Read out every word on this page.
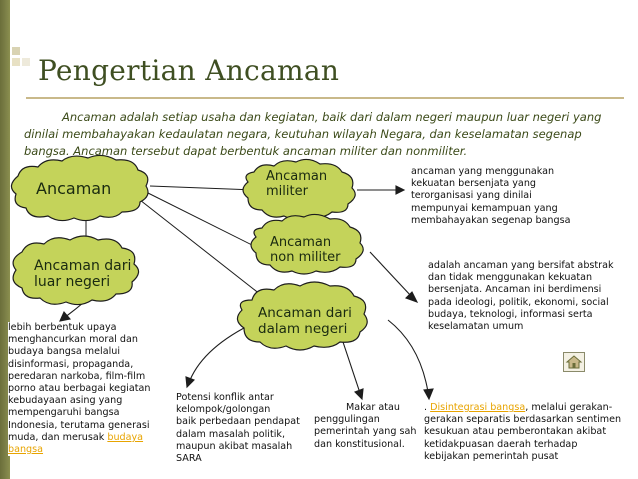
Pengertian Ancaman
Ancaman adalah setiap usaha dan kegiatan, baik dari dalam negeri maupun luar negeri yang dinilai membahayakan kedaulatan negara, keutuhan wilayah Negara, dan keselamatan segenap bangsa. Ancaman tersebut dapat berbentuk ancaman militer dan nonmiliter.
Ancaman
Ancaman dari
luar negeri
Ancaman
militer
Ancaman
non militer
Ancaman dari
dalam negeri
ancaman yang menggunakan
kekuatan bersenjata yang
terorganisasi yang dinilai
mempunyai kemampuan yang
membahayakan segenap bangsa
adalah ancaman yang bersifat abstrak
dan tidak menggunakan kekuatan
bersenjata. Ancaman ini berdimensi
pada ideologi, politik, ekonomi, social
budaya, teknologi, informasi serta
keselamatan umum
lebih berbentuk upaya
menghancurkan moral dan
budaya bangsa melalui
disinformasi, propaganda,
peredaran narkoba, film-film
porno atau berbagai kegiatan
kebudayaan asing yang
mempengaruhi bangsa
Indonesia, terutama generasi
muda, dan merusak budaya
bangsa
Potensi konflik antar
kelompok/golongan
baik perbedaan pendapat
dalam masalah politik,
maupun akibat masalah
SARA
Makar atau
penggulingan
pemerintah yang sah
dan konstitusional.
. Disintegrasi bangsa, melalui gerakan-
gerakan separatis berdasarkan sentimen
kesukuan atau pemberontakan akibat
ketidakpuasan daerah terhadap
kebijakan pemerintah pusat
